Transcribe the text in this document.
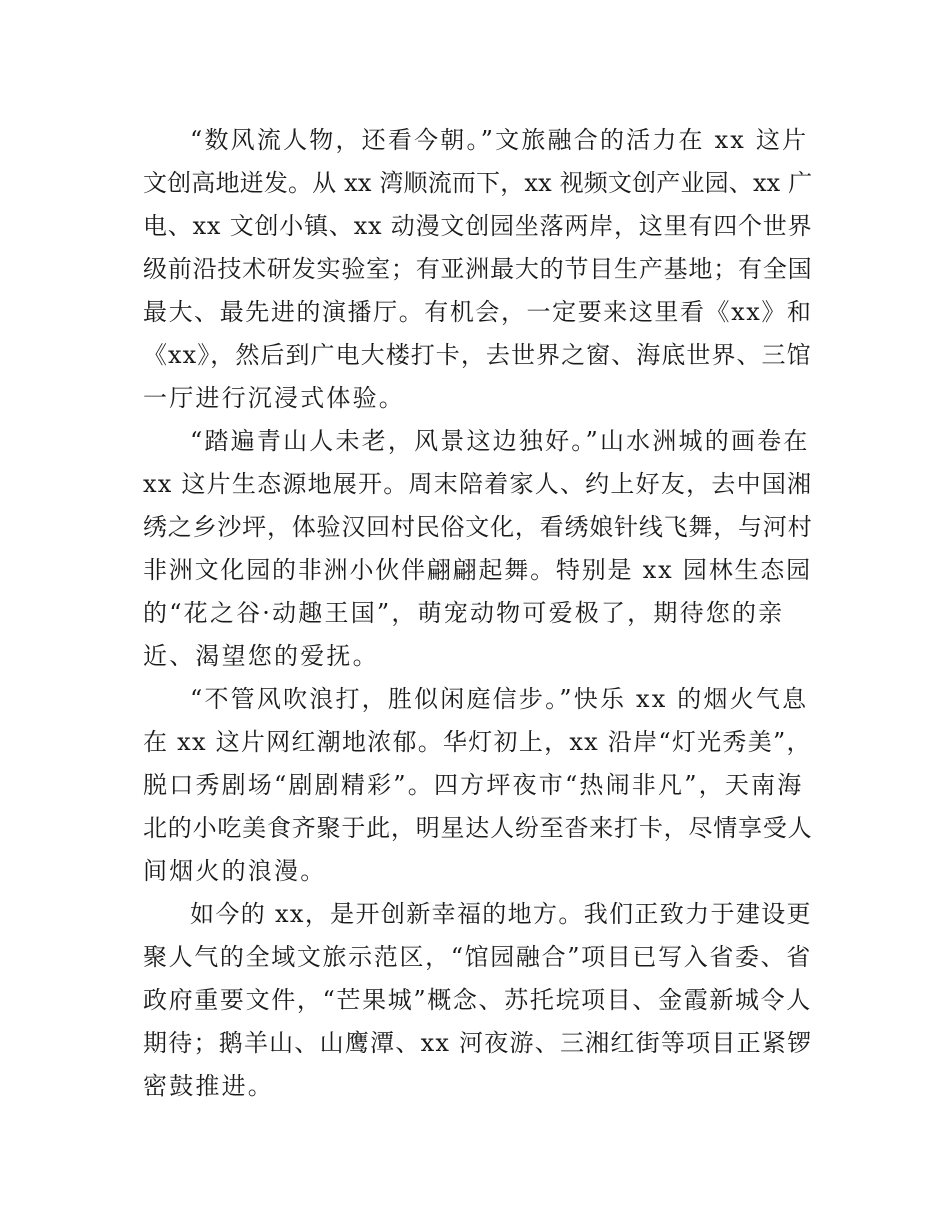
“数风流人物，还看今朝。”文旅融合的活力在 xx 这片
文创高地迸发。从 xx 湾顺流而下，xx 视频文创产业园、xx 广
电、xx 文创小镇、xx 动漫文创园坐落两岸，这里有四个世界
级前沿技术研发实验室；有亚洲最大的节目生产基地；有全国
最大、最先进的演播厅。有机会，一定要来这里看《xx》和
《xx》，然后到广电大楼打卡，去世界之窗、海底世界、三馆
一厅进行沉浸式体验。
“踏遍青山人未老，风景这边独好。”山水洲城的画卷在
xx 这片生态源地展开。周末陪着家人、约上好友，去中国湘
绣之乡沙坪，体验汉回村民俗文化，看绣娘针线飞舞，与河村
非洲文化园的非洲小伙伴翩翩起舞。特别是 xx 园林生态园
的“花之谷·动趣王国”，萌宠动物可爱极了，期待您的亲
近、渴望您的爱抚。
“不管风吹浪打，胜似闲庭信步。”快乐 xx 的烟火气息
在 xx 这片网红潮地浓郁。华灯初上，xx 沿岸“灯光秀美”，
脱口秀剧场“剧剧精彩”。四方坪夜市“热闹非凡”，天南海
北的小吃美食齐聚于此，明星达人纷至沓来打卡，尽情享受人
间烟火的浪漫。
如今的 xx，是开创新幸福的地方。我们正致力于建设更
聚人气的全域文旅示范区，“馆园融合”项目已写入省委、省
政府重要文件，“芒果城”概念、苏托垸项目、金霞新城令人
期待；鹅羊山、山鹰潭、xx 河夜游、三湘红街等项目正紧锣
密鼓推进。
